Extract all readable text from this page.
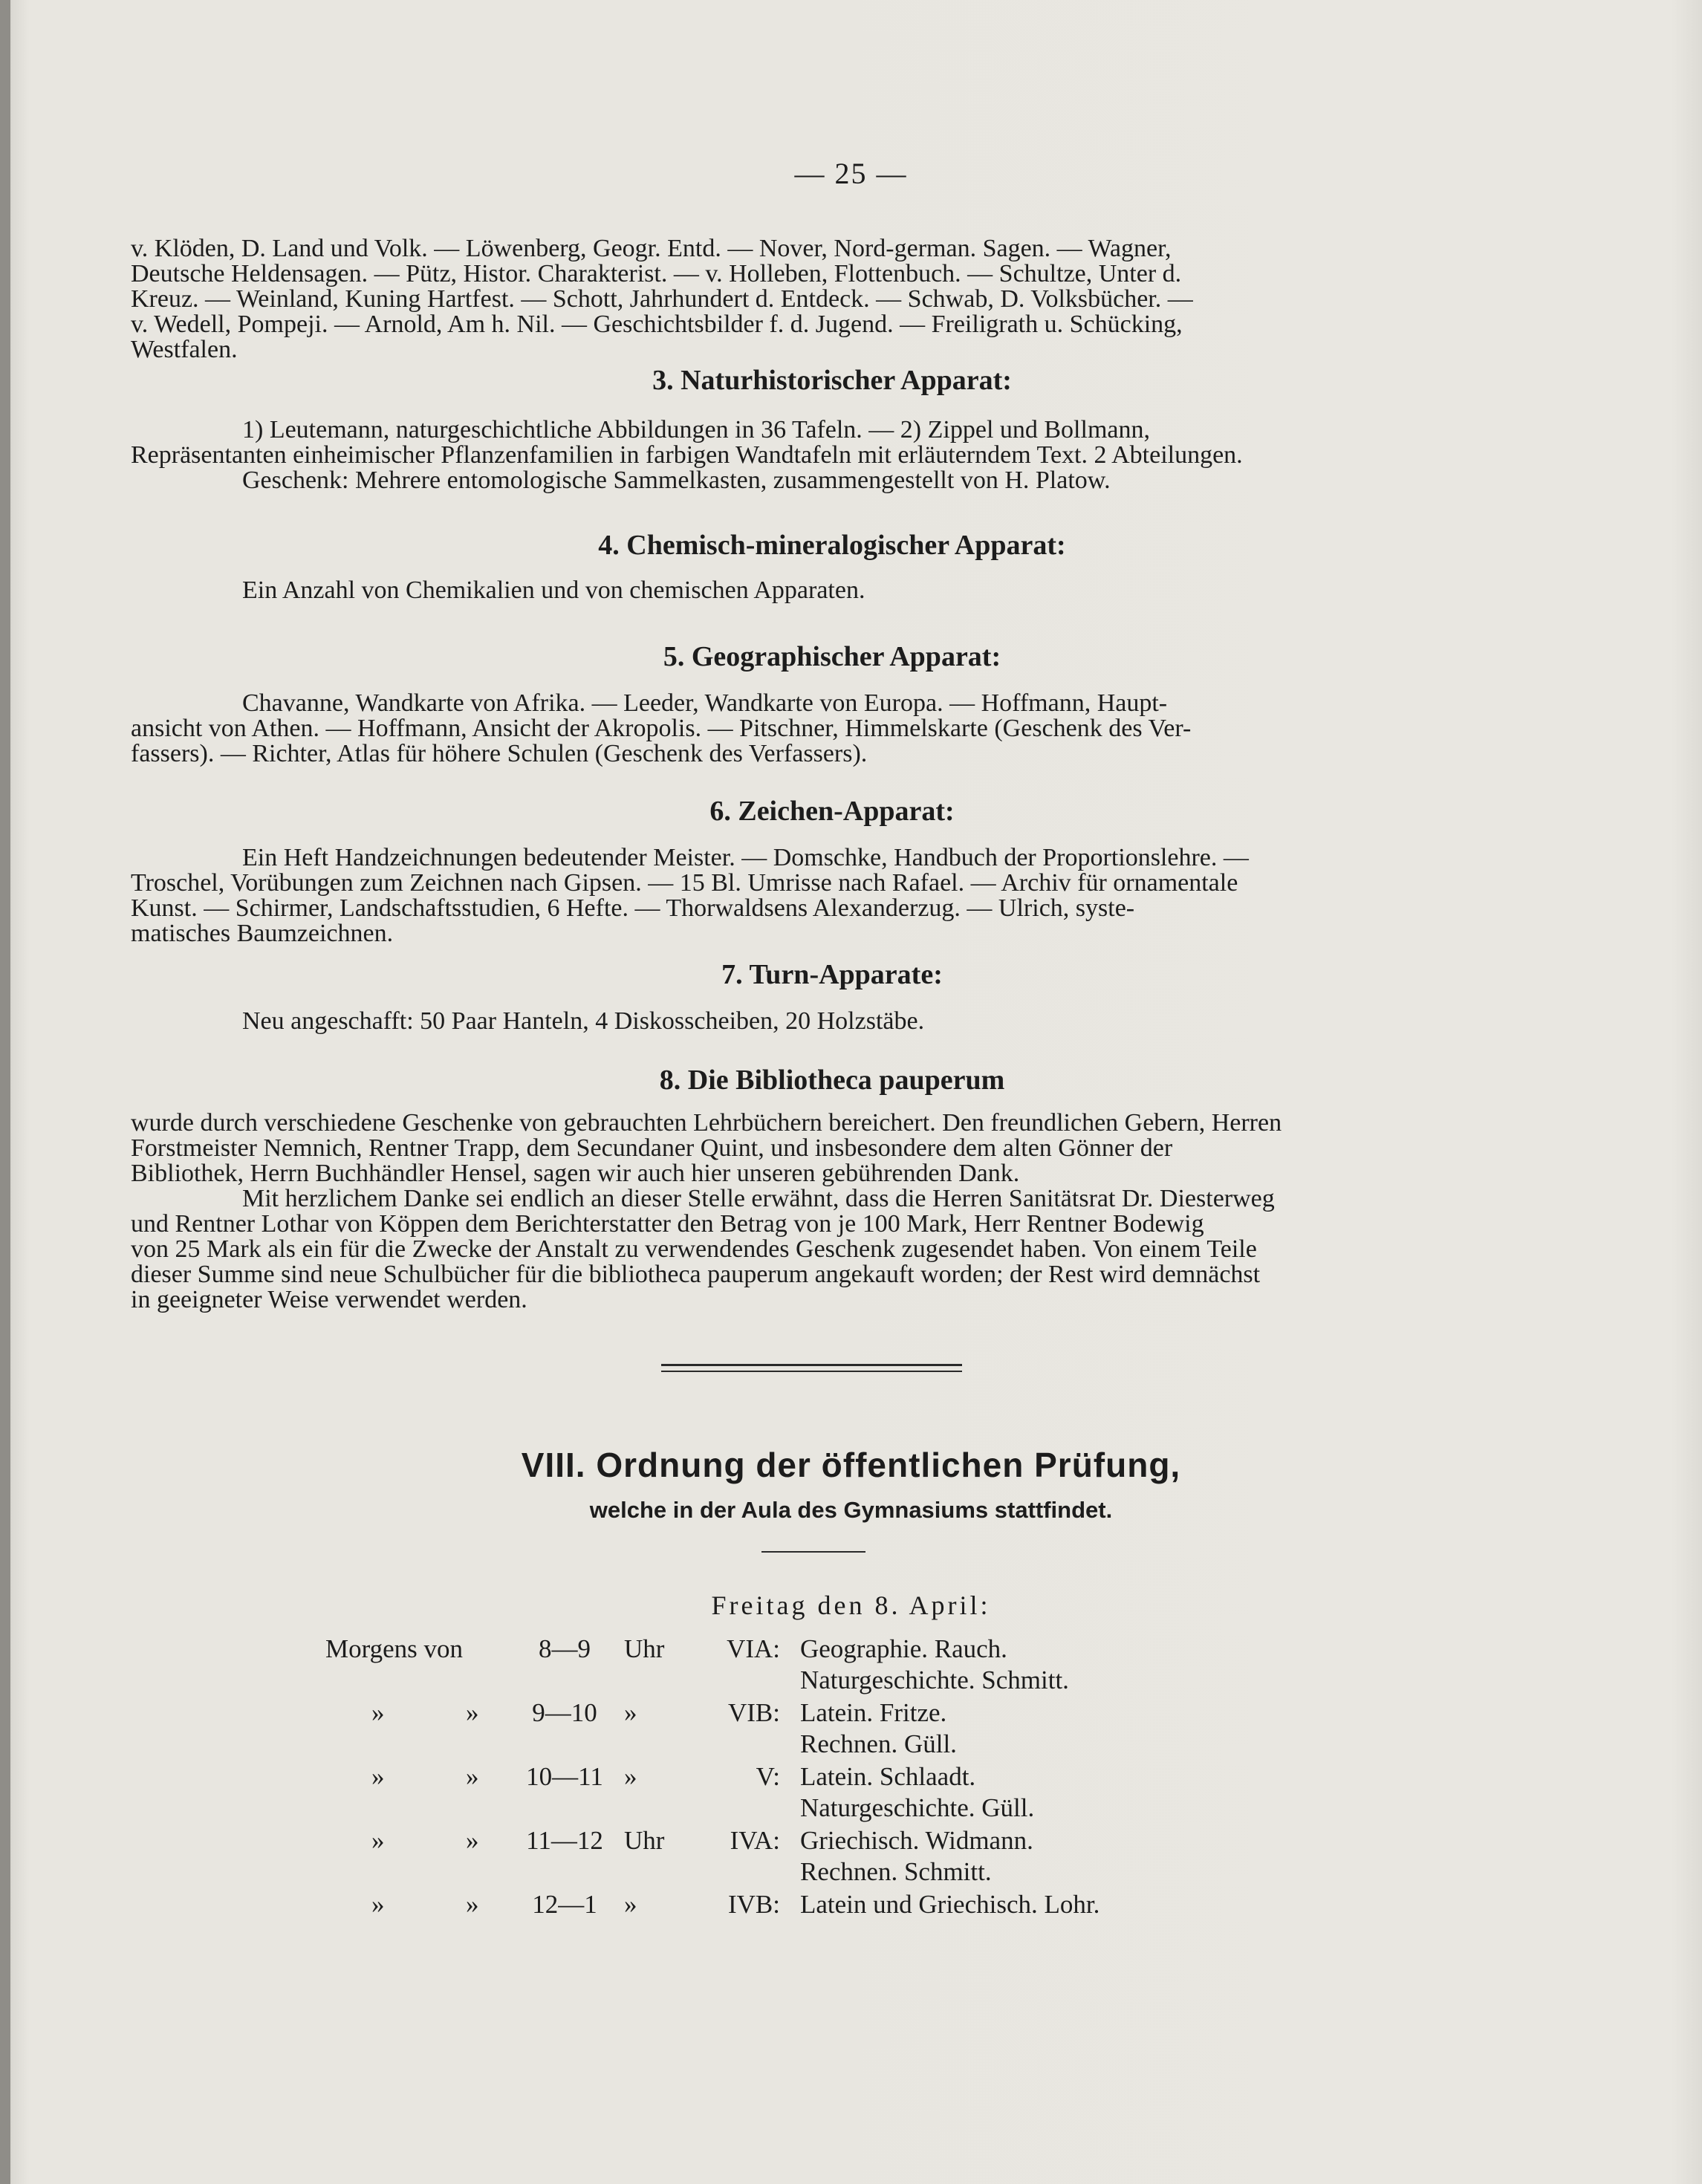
— 25 —

v. Klöden, D. Land und Volk. — Löwenberg, Geogr. Entd. — Nover, Nord-german. Sagen. — Wagner,

Deutsche Heldensagen. — Pütz, Histor. Charakterist. — v. Holleben, Flottenbuch. — Schultze, Unter d.

Kreuz. — Weinland, Kuning Hartfest. — Schott, Jahrhundert d. Entdeck. — Schwab, D. Volksbücher. —

v. Wedell, Pompeji. — Arnold, Am h. Nil. — Geschichtsbilder f. d. Jugend. — Freiligrath u. Schücking,

Westfalen.

3. Naturhistorischer Apparat:

1) Leutemann, naturgeschichtliche Abbildungen in 36 Tafeln. — 2) Zippel und Bollmann,

Repräsentanten einheimischer Pflanzenfamilien in farbigen Wandtafeln mit erläuterndem Text. 2 Abteilungen.

Geschenk: Mehrere entomologische Sammelkasten, zusammengestellt von H. Platow.

4. Chemisch-mineralogischer Apparat:

Ein Anzahl von Chemikalien und von chemischen Apparaten.

5. Geographischer Apparat:

Chavanne, Wandkarte von Afrika. — Leeder, Wandkarte von Europa. — Hoffmann, Haupt-

ansicht von Athen. — Hoffmann, Ansicht der Akropolis. — Pitschner, Himmelskarte (Geschenk des Ver-

fassers). — Richter, Atlas für höhere Schulen (Geschenk des Verfassers).

6. Zeichen-Apparat:

Ein Heft Handzeichnungen bedeutender Meister. — Domschke, Handbuch der Proportionslehre. —

Troschel, Vorübungen zum Zeichnen nach Gipsen. — 15 Bl. Umrisse nach Rafael. — Archiv für ornamentale

Kunst. — Schirmer, Landschaftsstudien, 6 Hefte. — Thorwaldsens Alexanderzug. — Ulrich, syste-

matisches Baumzeichnen.

7. Turn-Apparate:

Neu angeschafft: 50 Paar Hanteln, 4 Diskosscheiben, 20 Holzstäbe.

8. Die Bibliotheca pauperum

wurde durch verschiedene Geschenke von gebrauchten Lehrbüchern bereichert. Den freundlichen Gebern, Herren

Forstmeister Nemnich, Rentner Trapp, dem Secundaner Quint, und insbesondere dem alten Gönner der

Bibliothek, Herrn Buchhändler Hensel, sagen wir auch hier unseren gebührenden Dank.

Mit herzlichem Danke sei endlich an dieser Stelle erwähnt, dass die Herren Sanitätsrat Dr. Diesterweg

und Rentner Lothar von Köppen dem Berichterstatter den Betrag von je 100 Mark, Herr Rentner Bodewig

von 25 Mark als ein für die Zwecke der Anstalt zu verwendendes Geschenk zugesendet haben. Von einem Teile

dieser Summe sind neue Schulbücher für die bibliotheca pauperum angekauft worden; der Rest wird demnächst

in geeigneter Weise verwendet werden.

VIII. Ordnung der öffentlichen Prüfung,
welche in der Aula des Gymnasiums stattfindet.
Freitag den 8. April:
Morgens von	8—9	Uhr	VIA: Geographie. Rauch.
Naturgeschichte. Schmitt.
»	»	9—10	»	VIB: Latein. Fritze.
Rechnen. Güll.
»	»	10—11 »	V: Latein. Schlaadt.
Naturgeschichte. Güll.
»	»	11—12 Uhr	IVA: Griechisch. Widmann.
Rechnen. Schmitt.
»	»	12—1	»	IVB: Latein und Griechisch. Lohr.
